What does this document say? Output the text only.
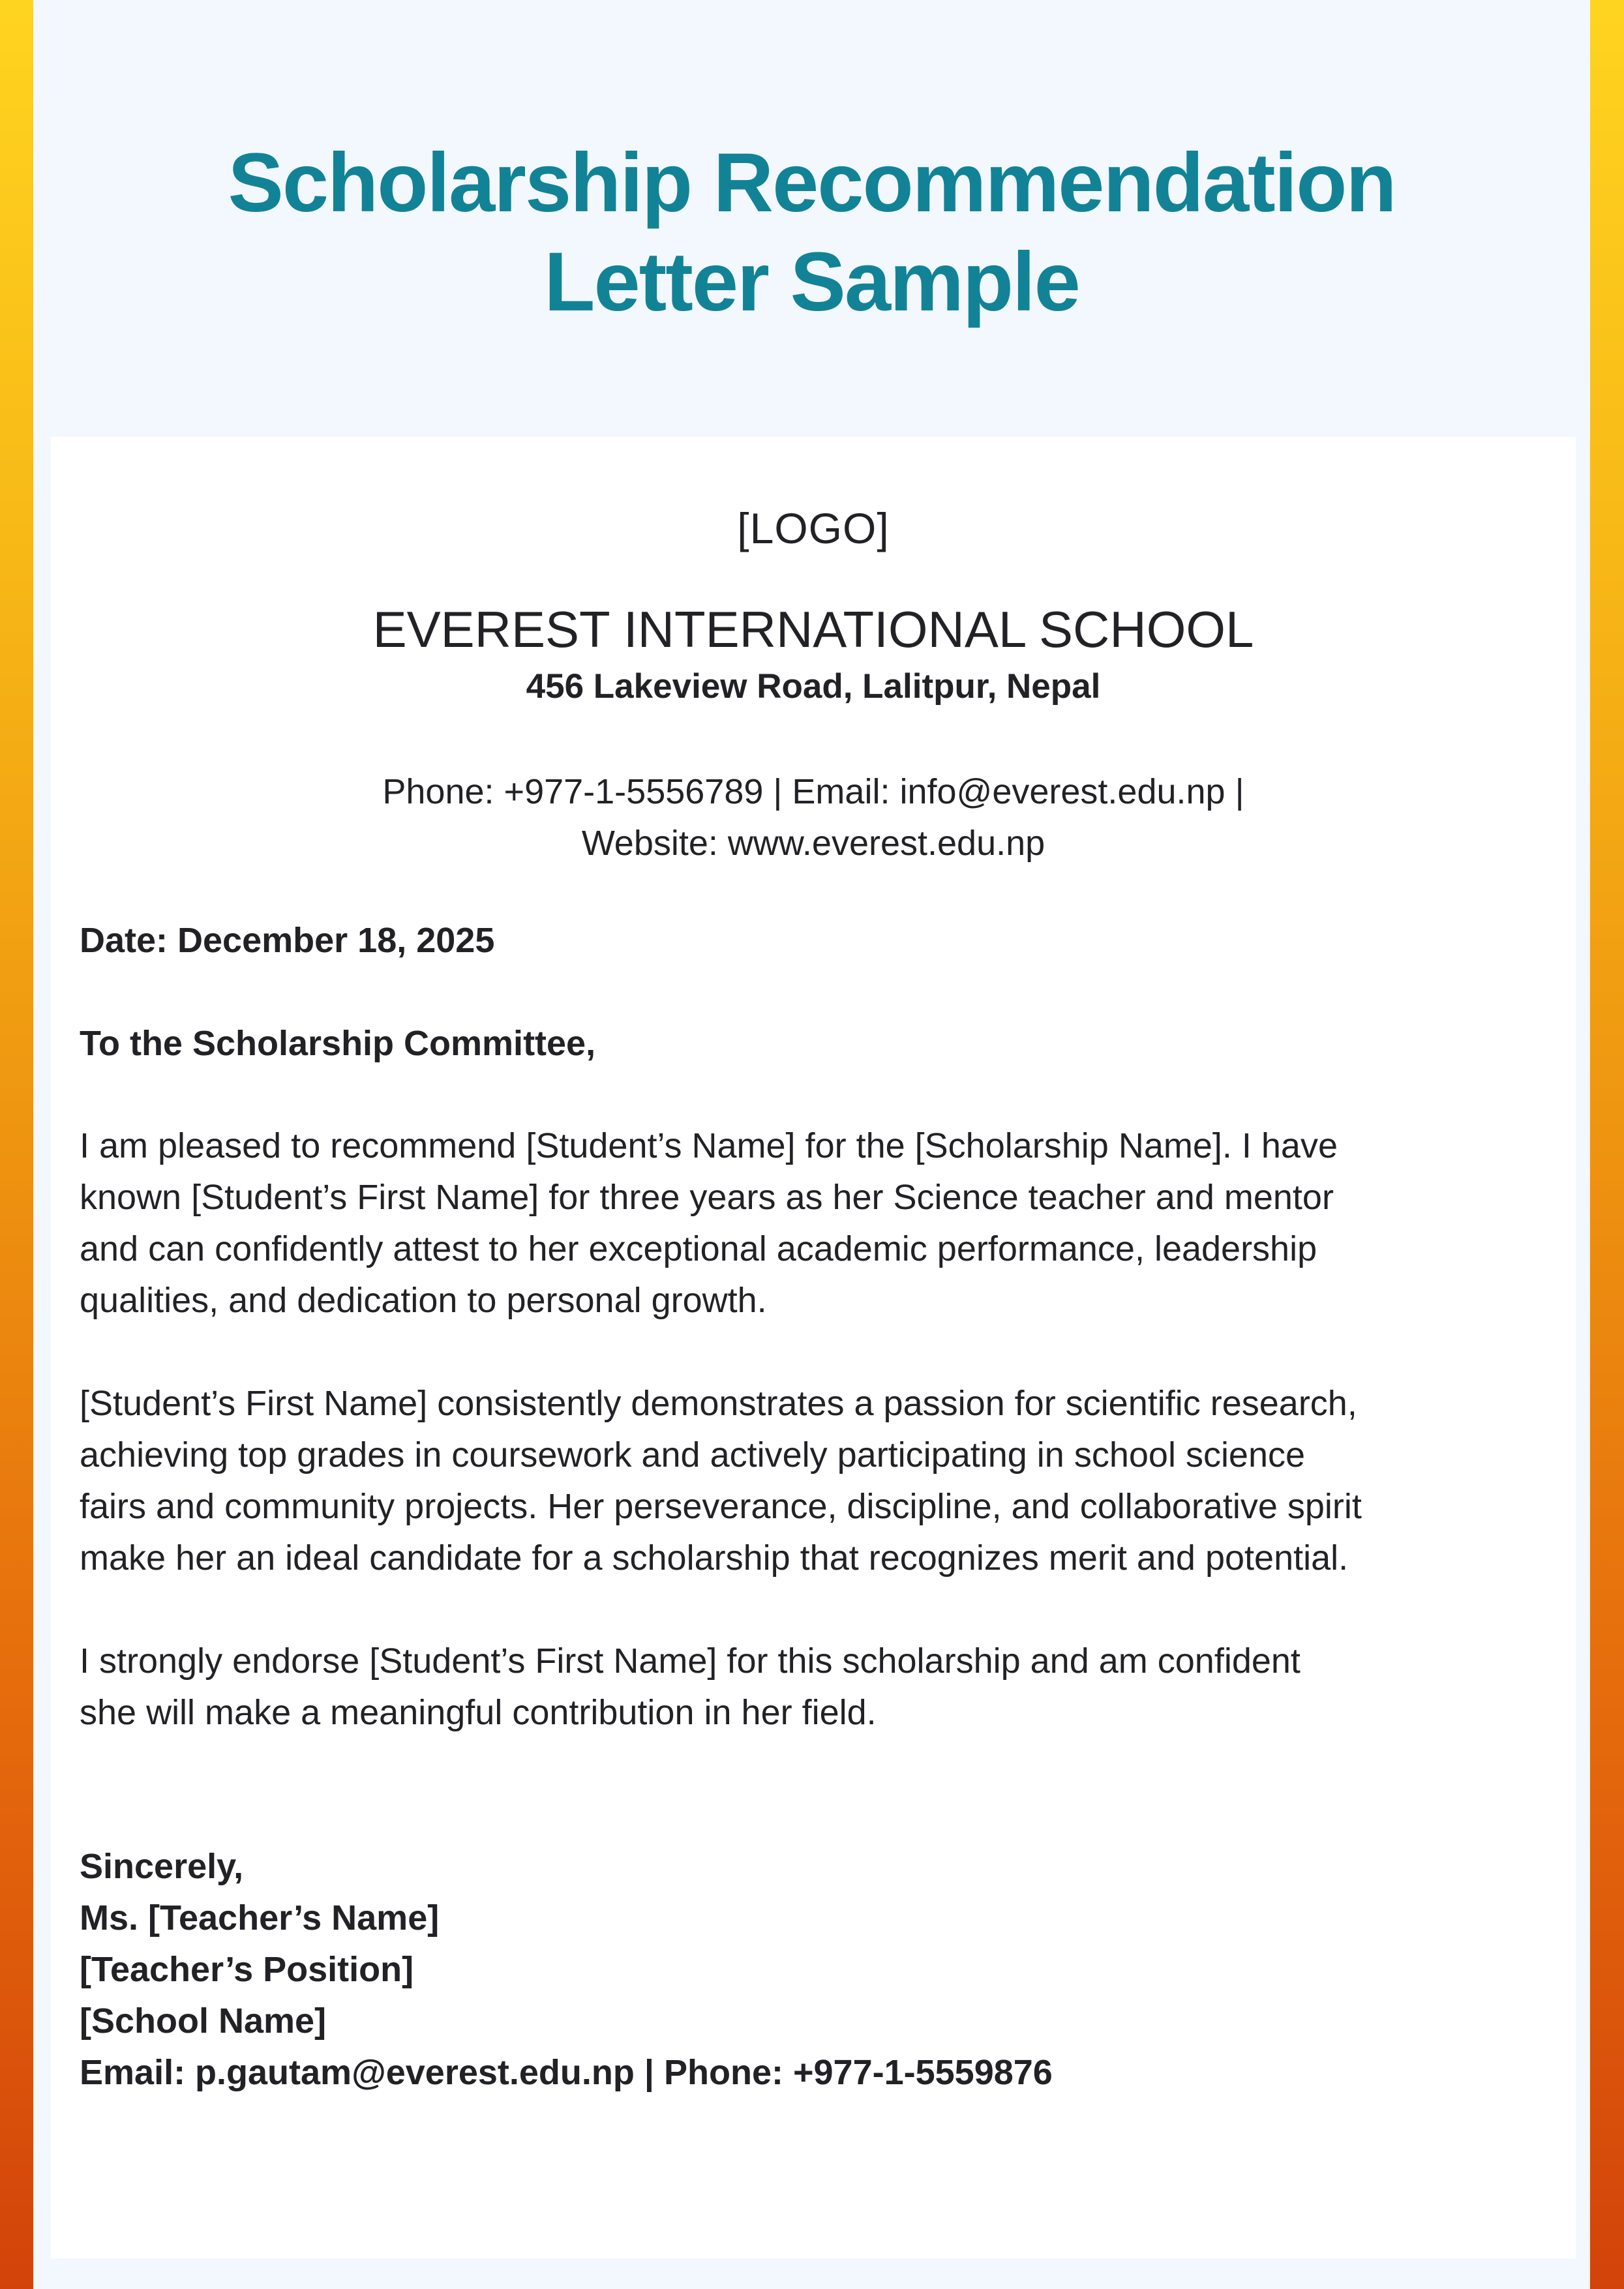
Scholarship Recommendation
Letter Sample
[LOGO]
EVEREST INTERNATIONAL SCHOOL
456 Lakeview Road, Lalitpur, Nepal
Phone: +977-1-5556789 | Email: info@everest.edu.np |
Website: www.everest.edu.np
Date: December 18, 2025
To the Scholarship Committee,
I am pleased to recommend [Student’s Name] for the [Scholarship Name]. I have
known [Student’s First Name] for three years as her Science teacher and mentor
and can confidently attest to her exceptional academic performance, leadership
qualities, and dedication to personal growth.
[Student’s First Name] consistently demonstrates a passion for scientific research,
achieving top grades in coursework and actively participating in school science
fairs and community projects. Her perseverance, discipline, and collaborative spirit
make her an ideal candidate for a scholarship that recognizes merit and potential.
I strongly endorse [Student’s First Name] for this scholarship and am confident
she will make a meaningful contribution in her field.
Sincerely,
Ms. [Teacher’s Name]
[Teacher’s Position]
[School Name]
Email: p.gautam@everest.edu.np | Phone: +977-1-5559876
